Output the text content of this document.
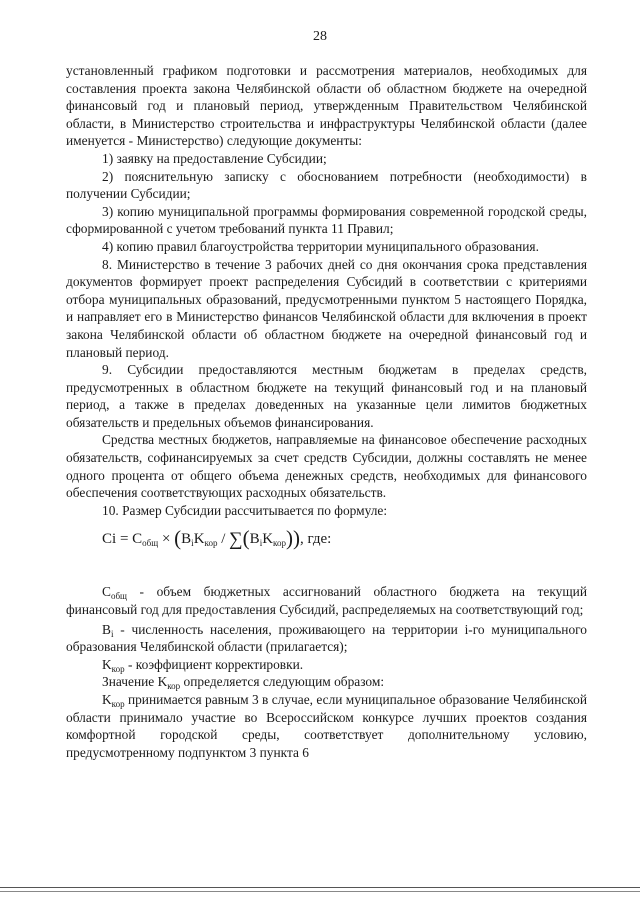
28

установленный графиком подготовки и рассмотрения материалов, необходимых для составления проекта закона Челябинской области об областном бюджете на очередной финансовый год и плановый период, утвержденным Правительством Челябинской области, в Министерство строительства и инфраструктуры Челябинской области (далее именуется - Министерство) следующие документы:

1) заявку на предоставление Субсидии;

2) пояснительную записку с обоснованием потребности (необходимости) в получении Субсидии;

3) копию муниципальной программы формирования современной городской среды, сформированной с учетом требований пункта 11 Правил;

4) копию правил благоустройства территории муниципального образования.

8. Министерство в течение 3 рабочих дней со дня окончания срока представления документов формирует проект распределения Субсидий в соответствии с критериями отбора муниципальных образований, предусмотренными пунктом 5 настоящего Порядка, и направляет его в Министерство финансов Челябинской области для включения в проект закона Челябинской области об областном бюджете на очередной финансовый год и плановый период.

9. Субсидии предоставляются местным бюджетам в пределах средств, предусмотренных в областном бюджете на текущий финансовый год и на плановый период, а также в пределах доведенных на указанные цели лимитов бюджетных обязательств и предельных объемов финансирования.

Средства местных бюджетов, направляемые на финансовое обеспечение расходных обязательств, софинансируемых за счет средств Субсидии, должны составлять не менее одного процента от общего объема денежных средств, необходимых для финансового обеспечения соответствующих расходных обязательств.

10. Размер Субсидии рассчитывается по формуле:

$Ci = C_{общ} \times (B_iK_{кор} / \sum(B_iK_{кор}))$, где:

$C_{общ}$ - объем бюджетных ассигнований областного бюджета на текущий финансовый год для предоставления Субсидий, распределяемых на соответствующий год;

$B_i$ - численность населения, проживающего на территории i-го муниципального образования Челябинской области (прилагается);

$K_{кор}$ - коэффициент корректировки.

Значение $K_{кор}$ определяется следующим образом:

$K_{кор}$ принимается равным 3 в случае, если муниципальное образование Челябинской области принимало участие во Всероссийском конкурсе лучших проектов создания комфортной городской среды, соответствует дополнительному условию, предусмотренному подпунктом 3 пункта 6
